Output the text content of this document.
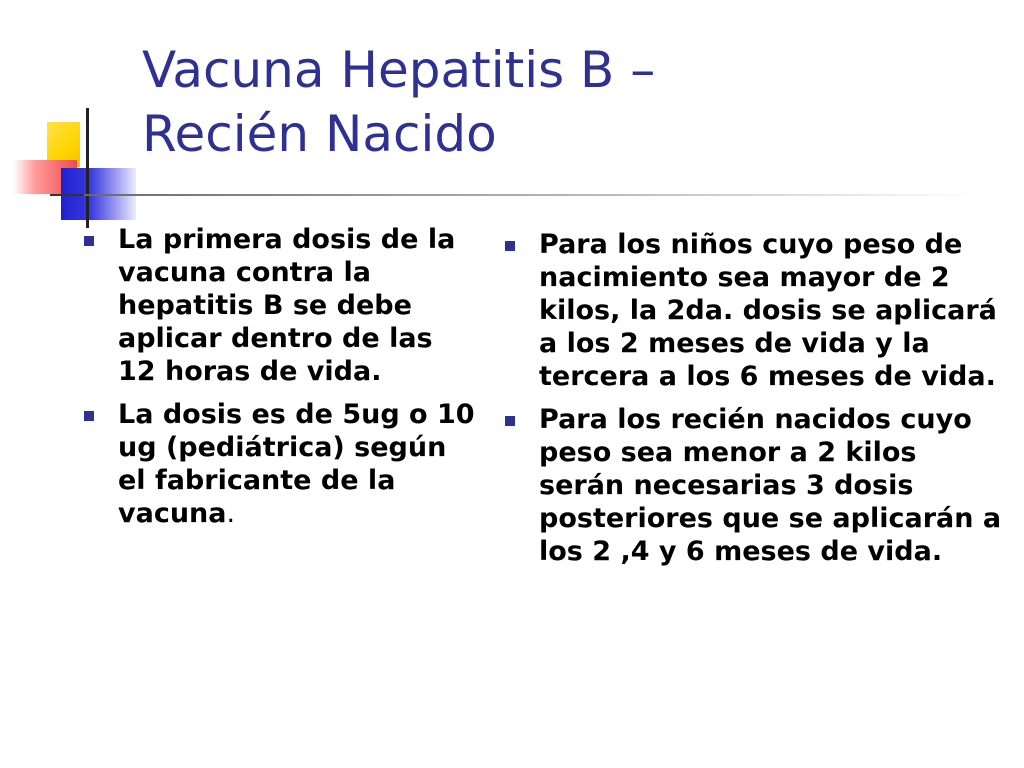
Vacuna Hepatitis B –
Recién Nacido
La primera dosis de la vacuna contra la hepatitis B se debe aplicar dentro de las 12 horas de vida.
La dosis es de 5ug o 10 ug (pediátrica) según el fabricante de la vacuna.
Para los niños cuyo peso de nacimiento sea mayor de 2 kilos, la 2da. dosis se aplicará a los 2 meses de vida y la tercera a los 6 meses de vida.
Para los recién nacidos cuyo peso sea menor a 2 kilos serán necesarias 3 dosis posteriores que se aplicarán a los 2 ,4 y 6 meses de vida.
